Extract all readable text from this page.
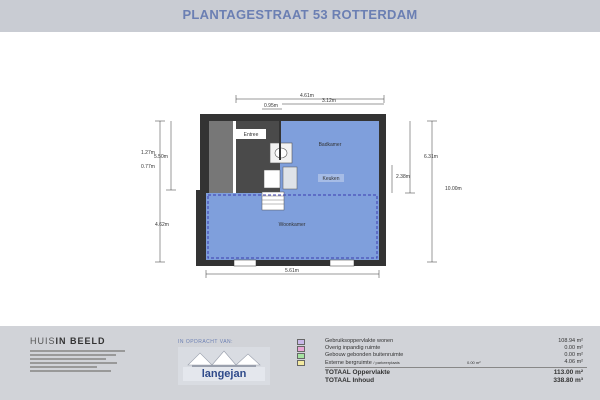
PLANTAGESTRAAT 53 ROTTERDAM
Entree
Badkamer
Keuken
Woonkamer
4.61m
3.12m
0.95m
1.27m
5.50m
0.77m
4.62m
6.31m
2.38m
10.00m
5.61m
HUISIN BEELD	IN OPDRACHT VAN:
langejan
Gebruiksoppervlakte wonen	108.94 m²
Overig inpandig ruimte	0.00 m²
Gebouw gebonden buitenruimte	0.00 m²
Externe bergruimte / parkeerplaats	0.00 m²	4.06 m²
TOTAAL Oppervlakte	113.00 m²
TOTAAL Inhoud	338.80 m³
